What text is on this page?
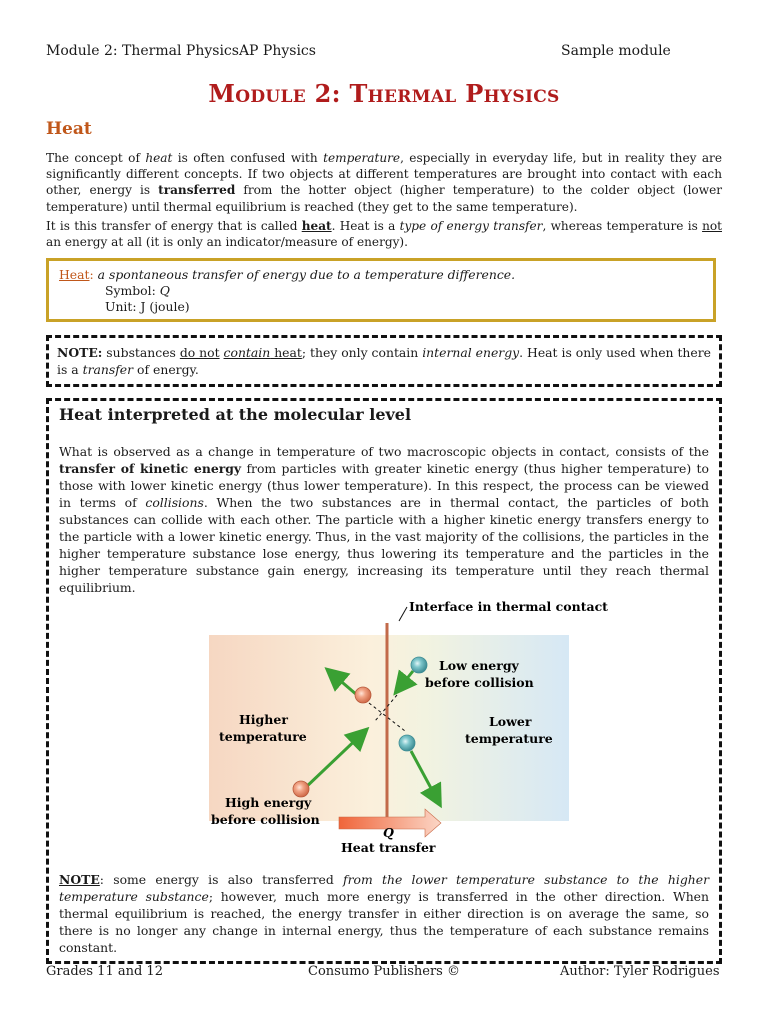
Module 2: Thermal PhysicsAP Physics	Sample module
Module 2: Thermal Physics
Heat

The concept of heat is often confused with temperature, especially in everyday life, but in reality they are significantly different concepts. If two objects at different temperatures are brought into contact with each other, energy is transferred from the hotter object (higher temperature) to the colder object (lower temperature) until thermal equilibrium is reached (they get to the same temperature).

It is this transfer of energy that is called heat. Heat is a type of energy transfer, whereas temperature is not an energy at all (it is only an indicator/measure of energy).

Heat: a spontaneous transfer of energy due to a temperature difference.
Symbol: Q
Unit: J (joule)
NOTE: substances do not contain heat; they only contain internal energy. Heat is only used when there is a transfer of energy.
Heat interpreted at the molecular level

What is observed as a change in temperature of two macroscopic objects in contact, consists of the transfer of kinetic energy from particles with greater kinetic energy (thus higher temperature) to those with lower kinetic energy (thus lower temperature). In this respect, the process can be viewed in terms of collisions. When the two substances are in thermal contact, the particles of both substances can collide with each other. The particle with a higher kinetic energy transfers energy to the particle with a lower kinetic energy. Thus, in the vast majority of the collisions, the particles in the higher temperature substance lose energy, thus lowering its temperature and the particles in the higher temperature substance gain energy, increasing its temperature until they reach thermal equilibrium.

Interface in thermal contact
Low energy
before collision
Higher
temperature
Lower
temperature
High energy
before collision
Q
Heat transfer

NOTE: some energy is also transferred from the lower temperature substance to the higher temperature substance; however, much more energy is transferred in the other direction. When thermal equilibrium is reached, the energy transfer in either direction is on average the same, so there is no longer any change in internal energy, thus the temperature of each substance remains constant.

Grades 11 and 12	Consumo Publishers ©	Author: Tyler Rodrigues
